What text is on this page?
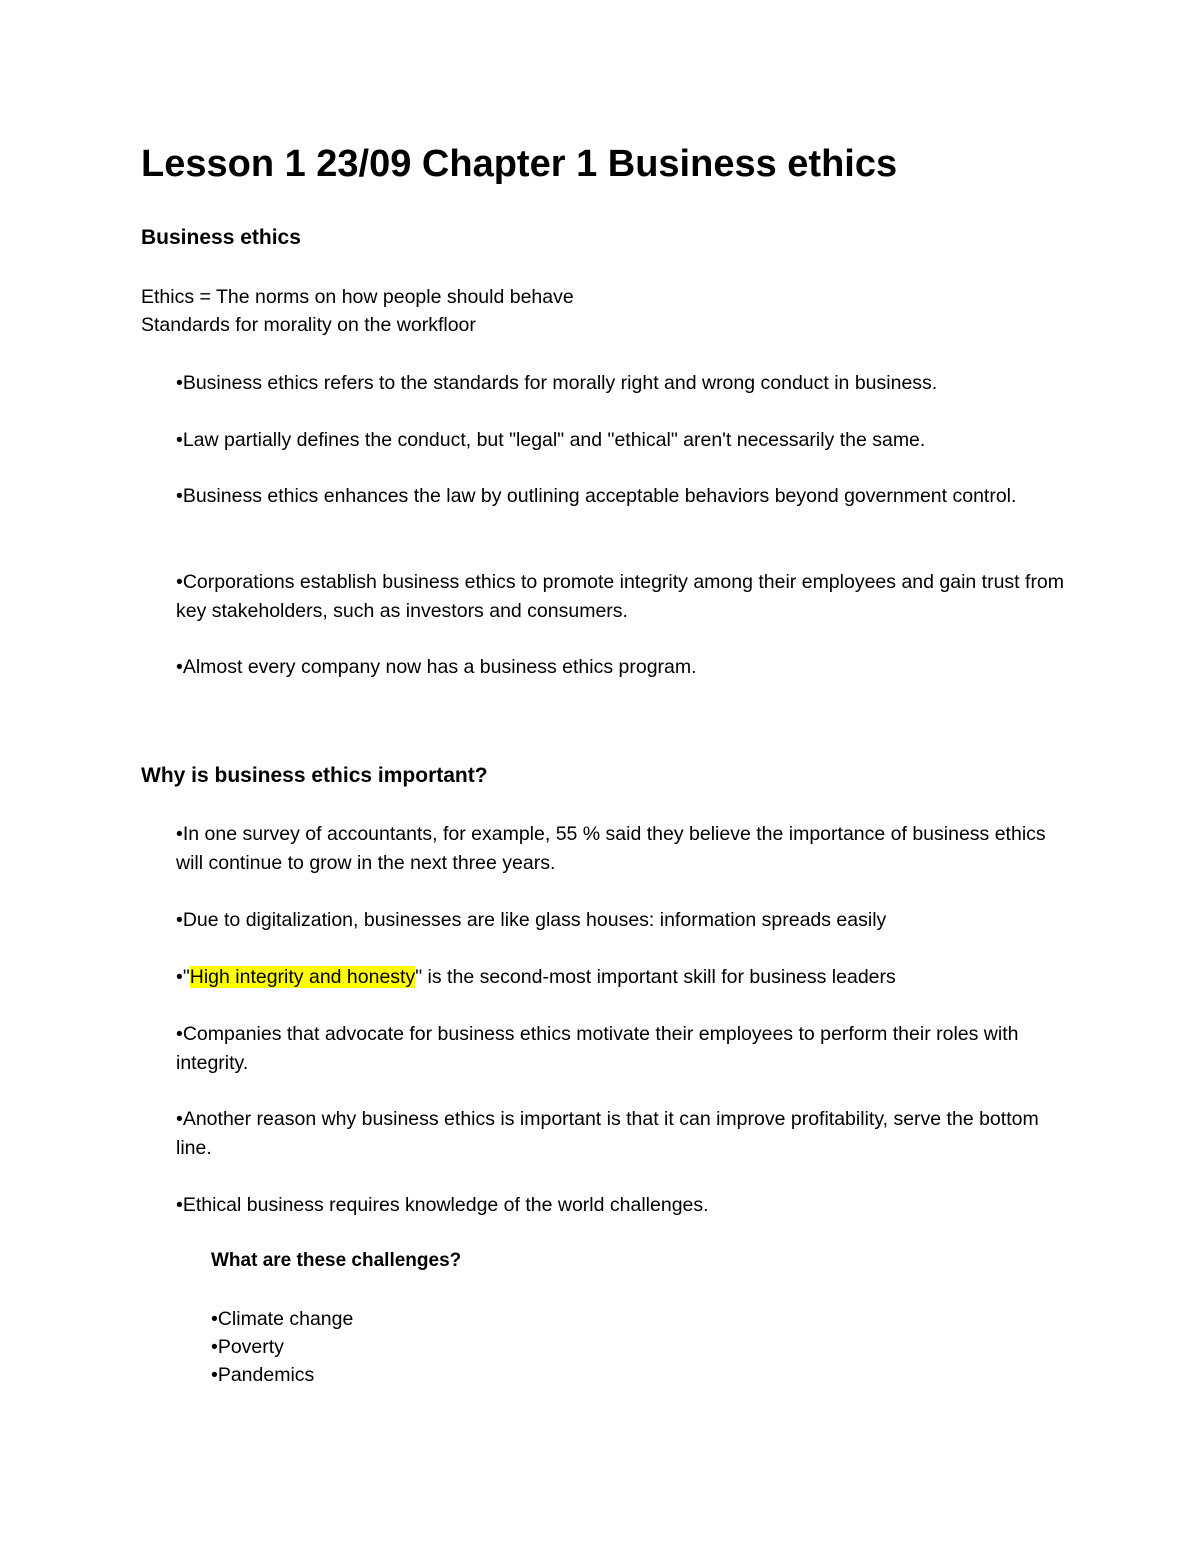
Lesson 1 23/09 Chapter 1 Business ethics
Business ethics
Ethics = The norms on how people should behave
Standards for morality on the workfloor
•Business ethics refers to the standards for morally right and wrong conduct in business.
•Law partially defines the conduct, but "legal" and "ethical" aren't necessarily the same.
•Business ethics enhances the law by outlining acceptable behaviors beyond government control.
•Corporations establish business ethics to promote integrity among their employees and gain trust from key stakeholders, such as investors and consumers.
•Almost every company now has a business ethics program.
Why is business ethics important?
•In one survey of accountants, for example, 55 % said they believe the importance of business ethics will continue to grow in the next three years.
•Due to digitalization, businesses are like glass houses: information spreads easily
•"High integrity and honesty" is the second-most important skill for business leaders
•Companies that advocate for business ethics motivate their employees to perform their roles with integrity.
•Another reason why business ethics is important is that it can improve profitability, serve the bottom line.
•Ethical business requires knowledge of the world challenges.
What are these challenges?
•Climate change
•Poverty
•Pandemics
